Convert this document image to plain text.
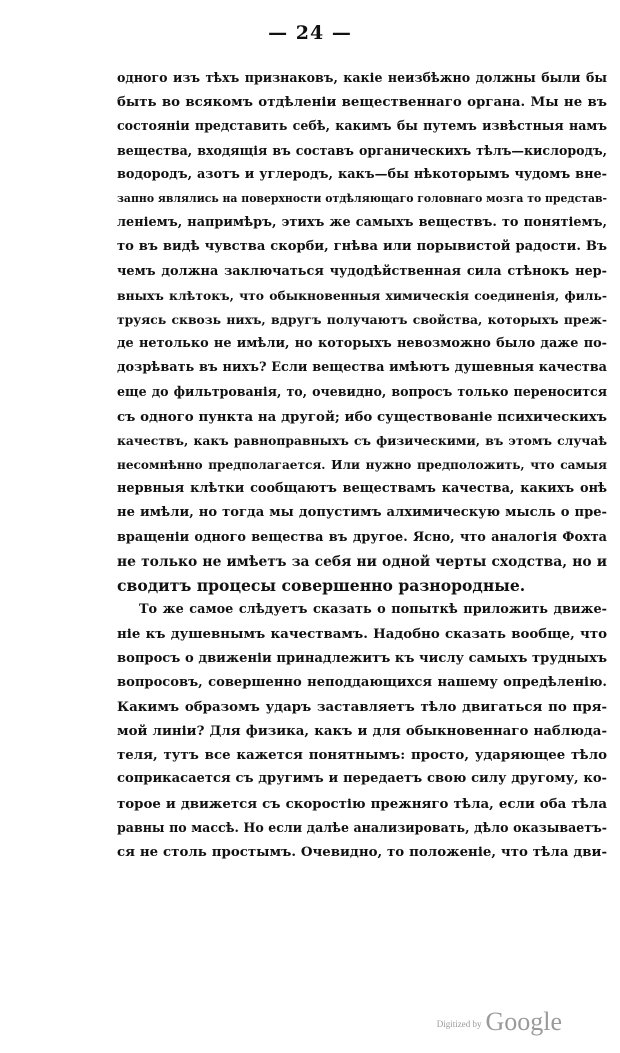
— 24 —
одного изъ тѣхъ признаковъ, какіе неизбѣжно должны были бы
быть во всякомъ отдѣленіи вещественнаго органа. Мы не въ
состояніи представить себѣ, какимъ бы путемъ извѣстныя намъ
вещества, входящія въ составъ органическихъ тѣлъ—кислородъ,
водородъ, азотъ и углеродъ, какъ—бы нѣкоторымъ чудомъ вне-
запно являлись на поверхности отдѣляющаго головнаго мозга то представ-
леніемъ, напримѣръ, этихъ же самыхъ веществъ. то понятіемъ,
то въ видѣ чувства скорби, гнѣва или порывистой радости. Въ
чемъ должна заключаться чудодѣйственная сила стѣнокъ нер-
вныхъ клѣтокъ, что обыкновенныя химическія соединенія, филь-
труясь сквозь нихъ, вдругъ получаютъ свойства, которыхъ преж-
де нетолько не имѣли, но которыхъ невозможно было даже по-
дозрѣвать въ нихъ? Если вещества имѣютъ душевныя качества
еще до фильтрованія, то, очевидно, вопросъ только переносится
съ одного пункта на другой; ибо существованіе психическихъ
качествъ, какъ равноправныхъ съ физическими, въ этомъ случаѣ
несомнѣнно предполагается. Или нужно предположить, что самыя
нервныя клѣтки сообщаютъ веществамъ качества, какихъ онѣ
не имѣли, но тогда мы допустимъ алхимическую мысль о пре-
вращеніи одного вещества въ другое. Ясно, что аналогія Фохта
не только не имѣетъ за себя ни одной черты сходства, но и
сводитъ процесы совершенно разнородные.
То же самое слѣдуетъ сказать о попыткѣ приложить движе-
ніе къ душевнымъ качествамъ. Надобно сказать вообще, что
вопросъ о движеніи принадлежитъ къ числу самыхъ трудныхъ
вопросовъ, совершенно неподдающихся нашему опредѣленію.
Какимъ образомъ ударъ заставляетъ тѣло двигаться по пря-
мой линіи? Для физика, какъ и для обыкновеннаго наблюда-
теля, тутъ все кажется понятнымъ: просто, ударяющее тѣло
соприкасается съ другимъ и передаетъ свою силу другому, ко-
торое и движется съ скоростію прежняго тѣла, если оба тѣла
равны по массѣ. Но если далѣе анализировать, дѣло оказываетъ-
ся не столь простымъ. Очевидно, то положеніе, что тѣла дви-
Digitized by Google
